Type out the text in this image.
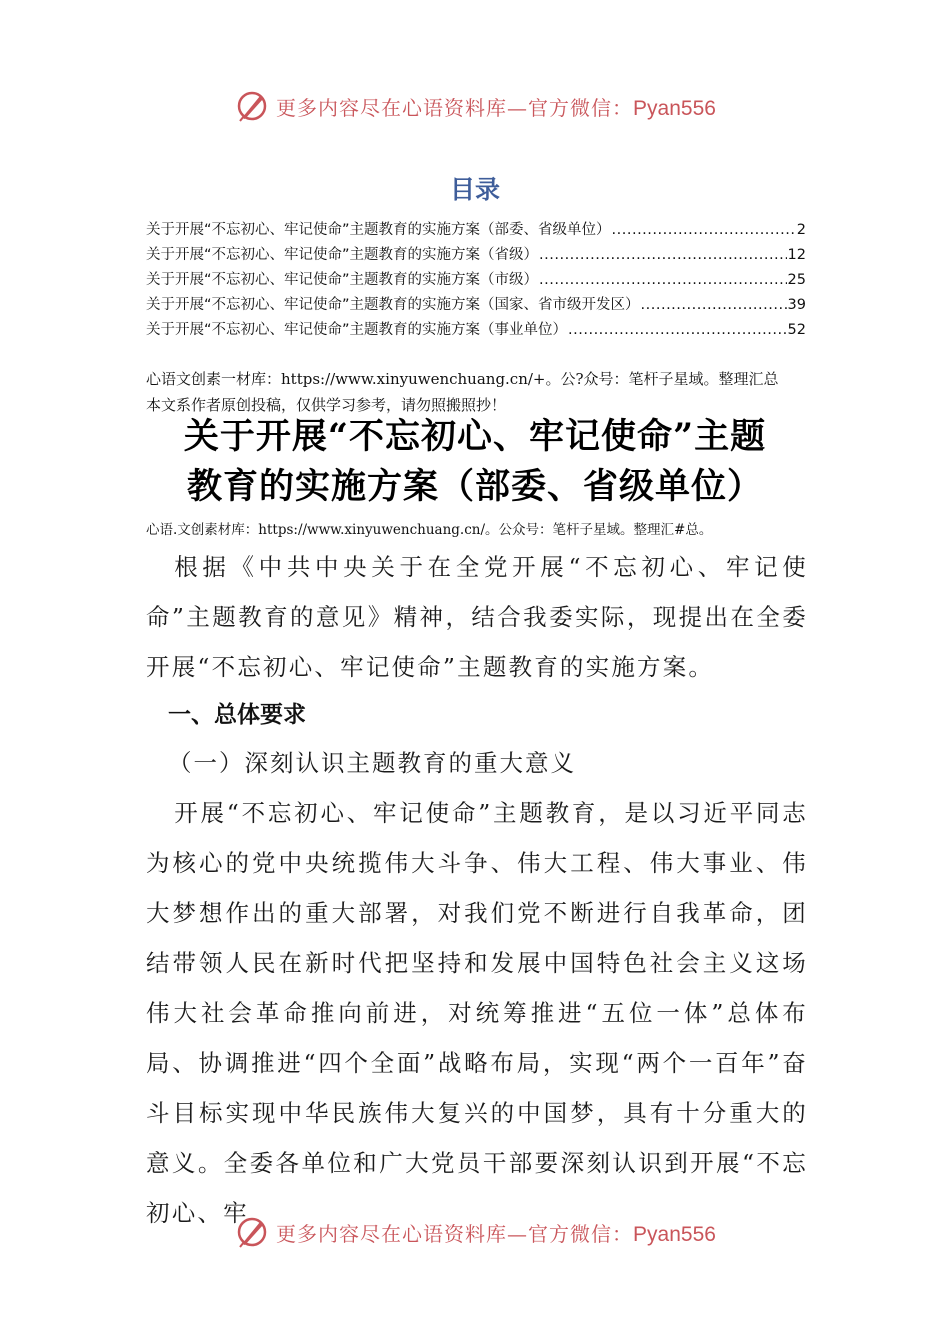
更多内容尽在心语资料库—官方微信：Pyan556
目录
关于开展“不忘初心、牢记使命”主题教育的实施方案（部委、省级单位） .....	2
关于开展“不忘初心、牢记使命”主题教育的实施方案（省级） .....	12
关于开展“不忘初心、牢记使命”主题教育的实施方案（市级） .....	25
关于开展“不忘初心、牢记使命”主题教育的实施方案（国家、省市级开发区） .....	39
关于开展“不忘初心、牢记使命”主题教育的实施方案（事业单位） .....	52
心语文创素一材库：https://www.xinyuwenchuang.cn/+。公?众号：笔杆子星域。整理汇总
本文系作者原创投稿，仅供学习参考，请勿照搬照抄！
关于开展“不忘初心、牢记使命”主题
教育的实施方案（部委、省级单位）
心语.文创素材库：https://www.xinyuwenchuang.cn/。公众号：笔杆子星域。整理汇#总。

根据《中共中央关于在全党开展“不忘初心、牢记使命”主题教育的意见》精神，结合我委实际，现提出在全委开展“不忘初心、牢记使命”主题教育的实施方案。

一、总体要求

（一）深刻认识主题教育的重大意义

开展“不忘初心、牢记使命”主题教育，是以习近平同志为核心的党中央统揽伟大斗争、伟大工程、伟大事业、伟大梦想作出的重大部署，对我们党不断进行自我革命，团结带领人民在新时代把坚持和发展中国特色社会主义这场伟大社会革命推向前进，对统筹推进“五位一体”总体布局、协调推进“四个全面”战略布局，实现“两个一百年”奋斗目标实现中华民族伟大复兴的中国梦，具有十分重大的意义。全委各单位和广大党员干部要深刻认识到开展“不忘初心、牢

更多内容尽在心语资料库—官方微信：Pyan556
